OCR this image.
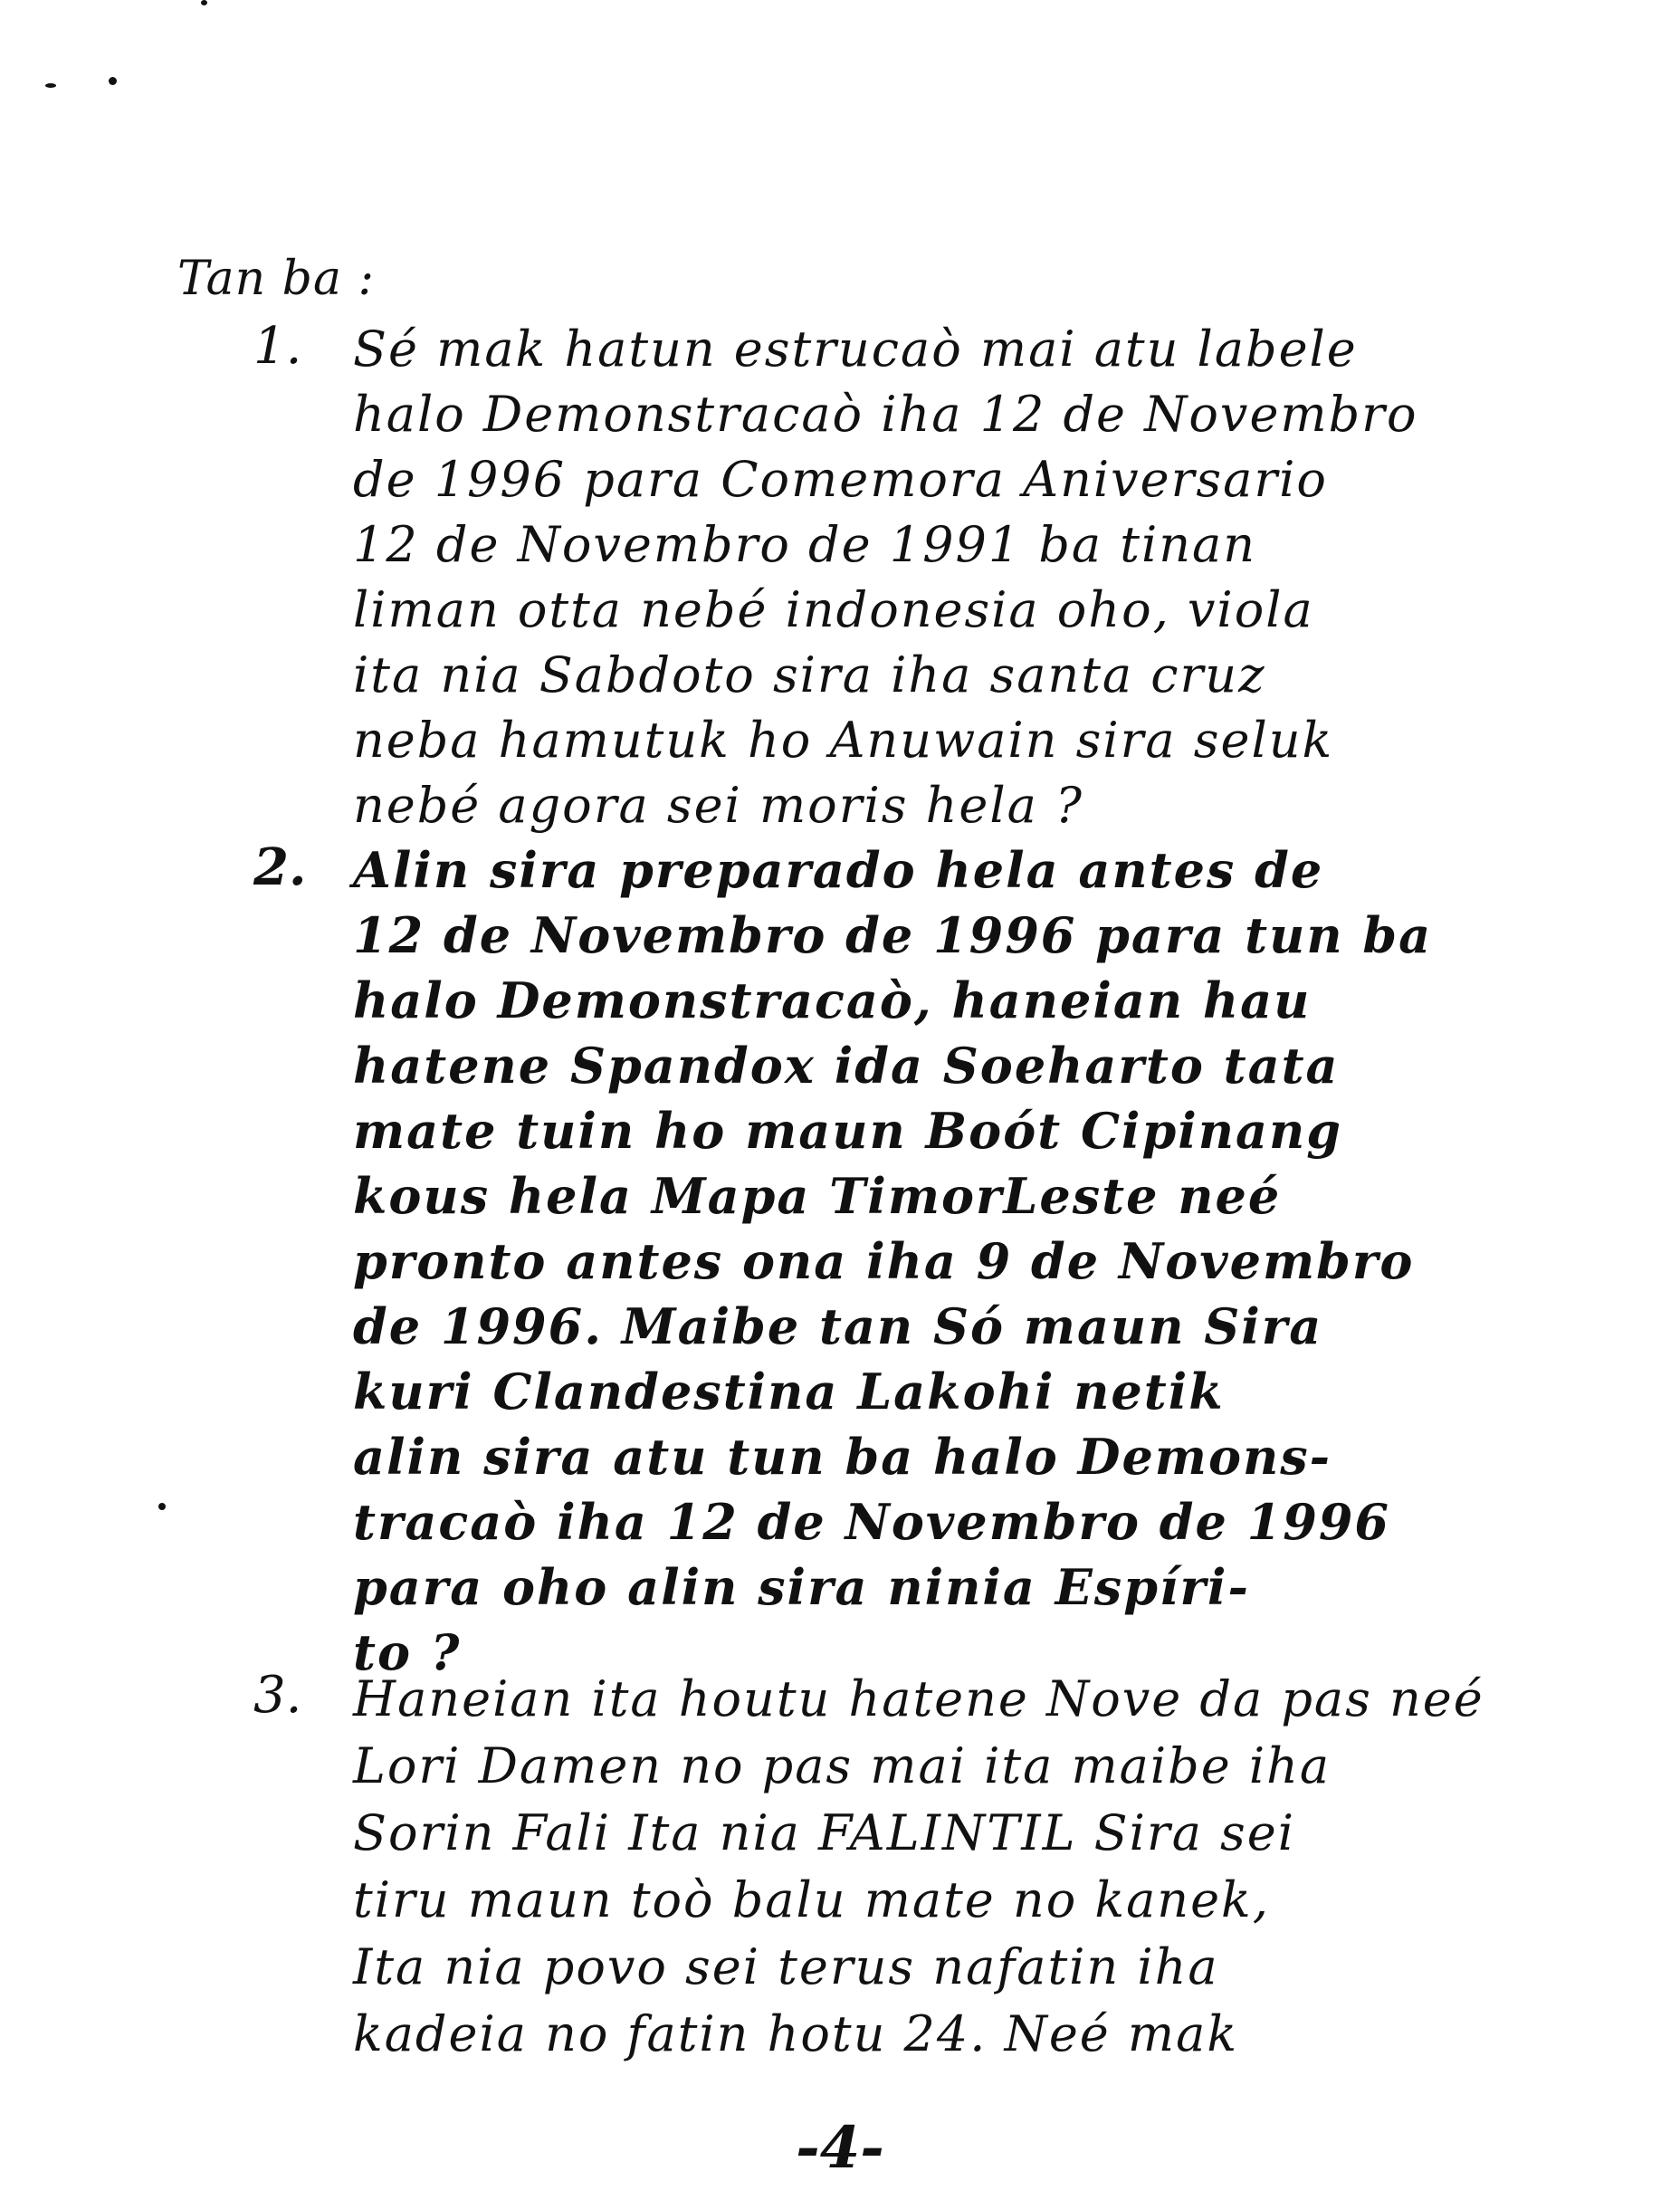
Tan ba :
1. Sé mak hatun estrucaò mai atu labele
halo Demonstracaò iha 12 de Novembro
de 1996 para Comemora Aniversario
12 de Novembro de 1991 ba tinan
liman otta nebé indonesia oho, viola
ita nia Sabdoto sira iha santa cruz
neba hamutuk ho Anuwain sira seluk
nebé agora sei moris hela ?
2. Alin sira preparado hela antes de
12 de Novembro de 1996 para tun ba
halo Demonstracaò, haneian hau
hatene Spandox ida Soeharto tata
mate tuin ho maun Boót Cipinang
kous hela Mapa TimorLeste neé
pronto antes ona iha 9 de Novembro
de 1996. Maibe tan Só maun Sira
kuri Clandestina Lakohi netik
alin sira atu tun ba halo Demons-
tracaò iha 12 de Novembro de 1996
para oho alin sira ninia Espíri-
to ?
3. Haneian ita houtu hatene Nove da pas neé
Lori Damen no pas mai ita maibe iha
Sorin Fali Ita nia FALINTIL Sira sei
tiru maun toò balu mate no kanek,
Ita nia povo sei terus nafatin iha
kadeia no fatin hotu 24. Neé mak
-4-
